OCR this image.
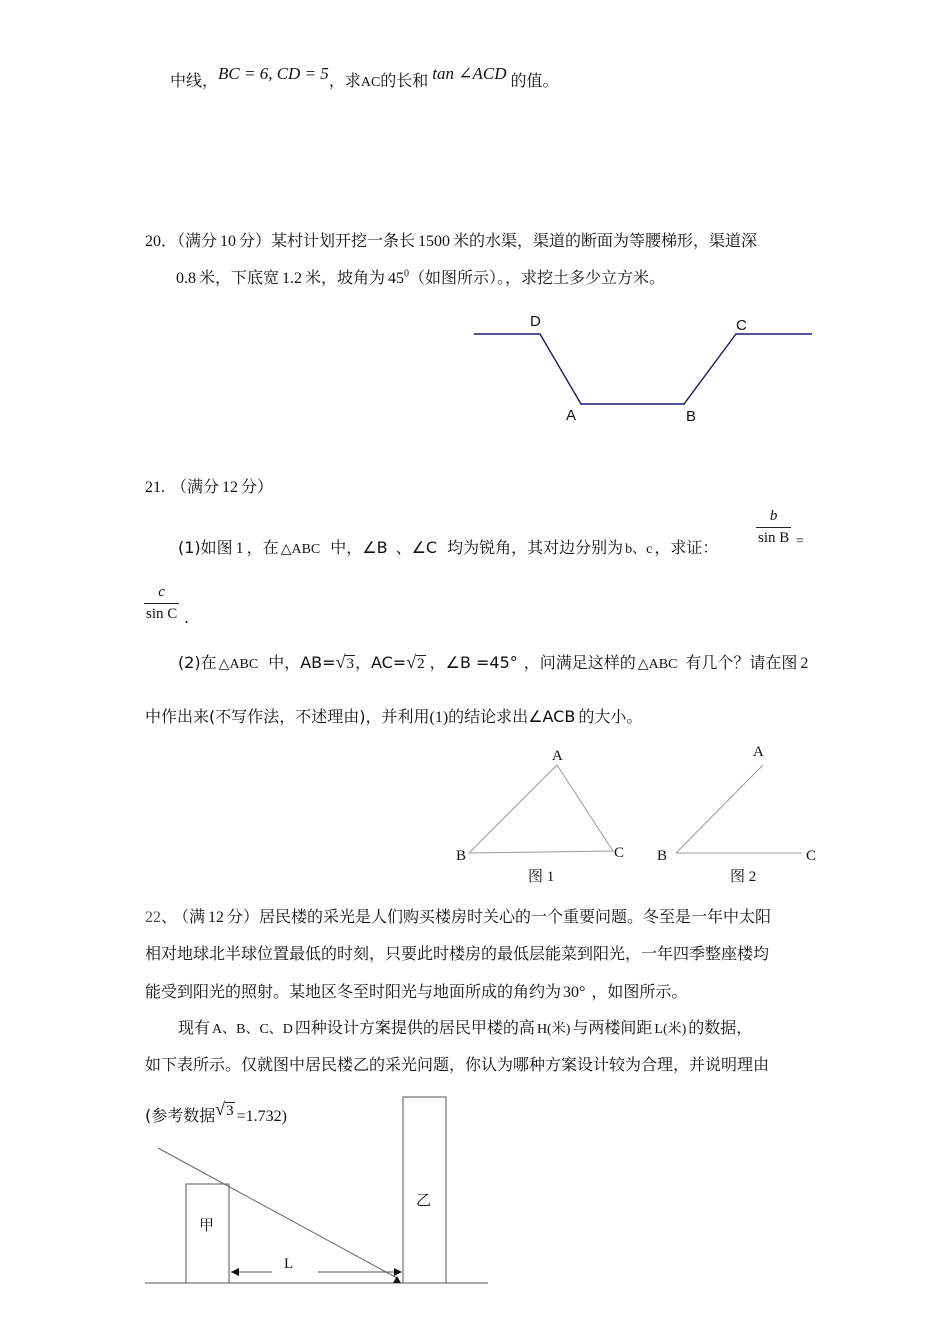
中线，BC = 6, CD = 5，求AC的长和 tan ∠ACD 的值。
20．（满分 10 分）某村计划开挖一条长 1500 米的水渠，渠道的断面为等腰梯形，渠道深
0.8 米，下底宽 1.2 米，坡角为 $45^0$（如图所示）。，求挖土多少立方米。
D	C
A	B
21. （满分 12 分）
(1)如图 1 ，在 △ABC 中，∠B 、∠C 均为锐角，其对边分别为 b、c ，求证：
b
sin B =
c
sin C .
(2)在 △ABC 中，AB=√3，AC=√2 ，∠B =45° ，问满足这样的 △ABC 有几个？请在图 2
中作出来(不写作法，不述理由)，并利用(1)的结论求出∠ACB 的大小。
A
B	C
图 1
A
B	C
图 2
22、 （满 12 分）居民楼的采光是人们购买楼房时关心的一个重要问题。冬至是一年中太阳
相对地球北半球位置最低的时刻，只要此时楼房的最低层能菜到阳光，一年四季整座楼均
能受到阳光的照射。某地区冬至时阳光与地面所成的角约为 30° ，如图所示。
现有 A、B、C、D 四种设计方案提供的居民甲楼的高 H(米) 与两楼间距 L(米) 的数据，
如下表所示。仅就图中居民楼乙的采光问题，你认为哪种方案设计较为合理，并说明理由
(参考数据√3 =1.732)
甲
乙
L
